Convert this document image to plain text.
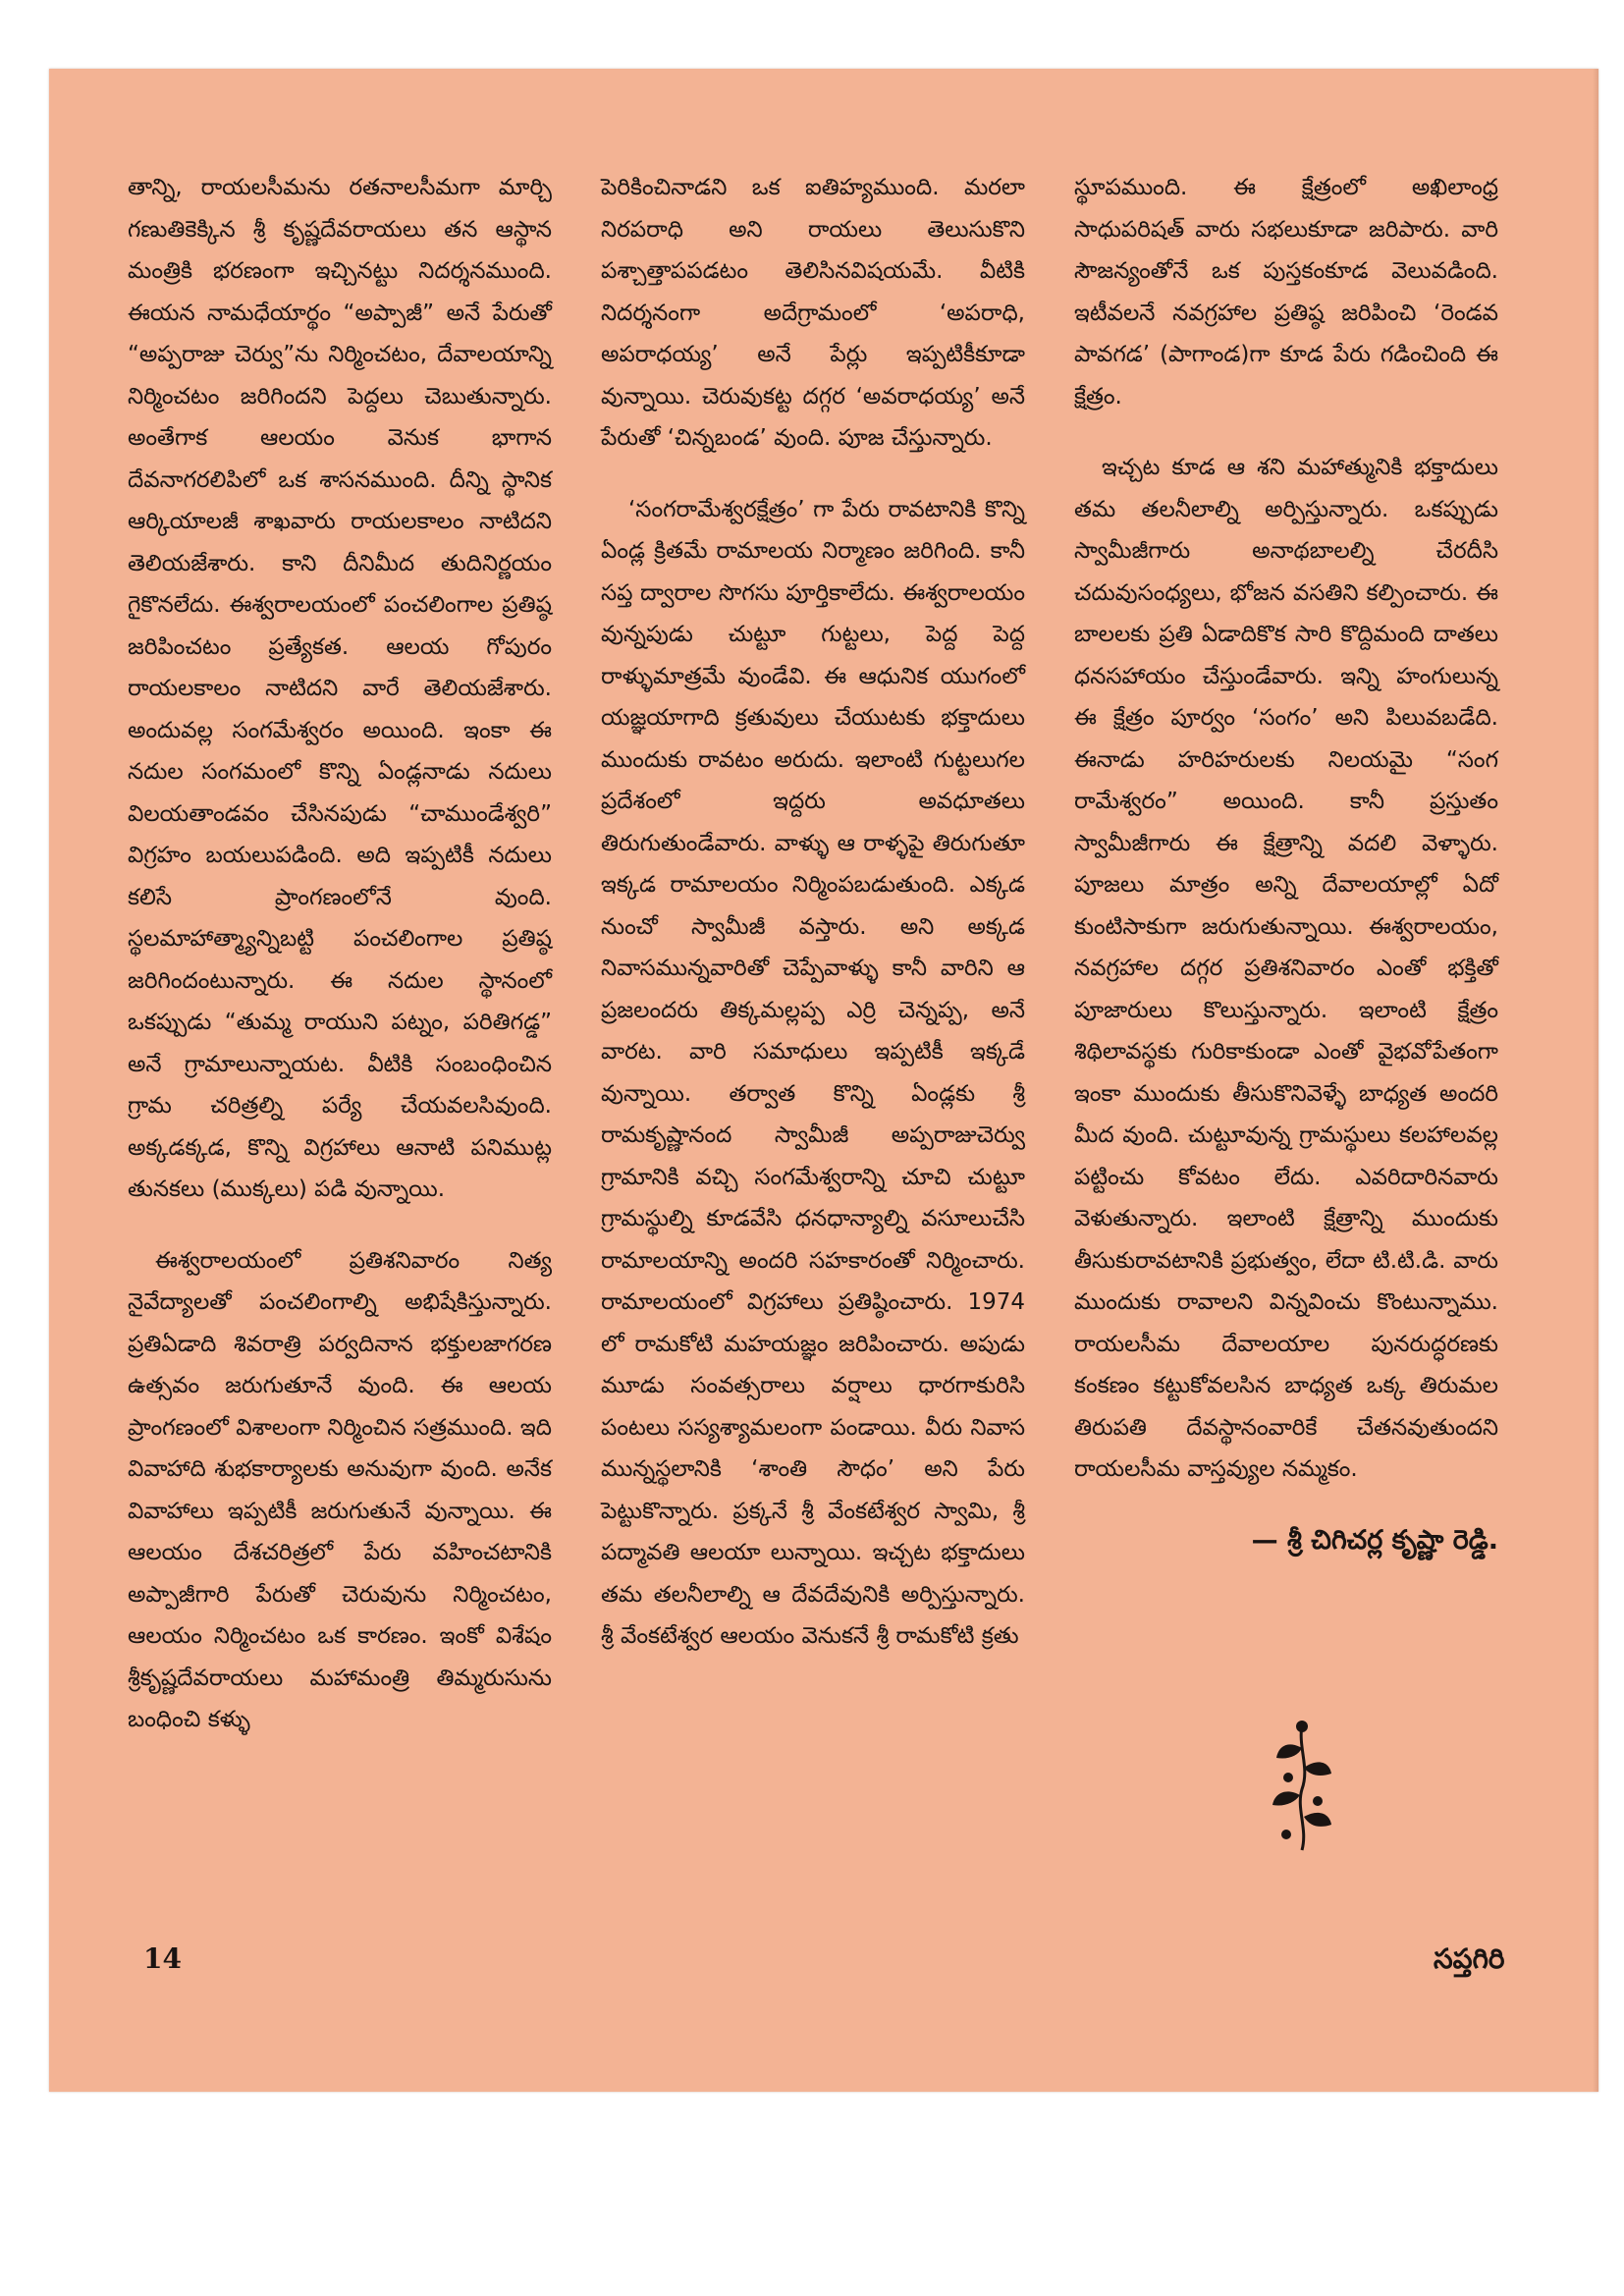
తాన్ని, రాయలసీమను రతనాలసీమగా మార్చి గణుతికెక్కిన శ్రీ కృష్ణదేవరాయలు తన ఆస్థాన మంత్రికి భరణంగా ఇచ్చినట్టు నిదర్శనముంది. ఈయన నామధేయార్థం “అప్పాజీ” అనే పేరుతో “అప్పరాజు చెర్వు”ను నిర్మించటం, దేవాలయాన్ని నిర్మించటం జరిగిందని పెద్దలు చెబుతున్నారు. అంతేగాక ఆలయం వెనుక భాగాన దేవనాగరలిపిలో ఒక శాసనముంది. దీన్ని స్థానిక ఆర్కియాలజీ శాఖవారు రాయలకాలం నాటిదని తెలియజేశారు. కాని దీనిమీద తుదినిర్ణయం గైకొనలేదు. ఈశ్వరాలయంలో పంచలింగాల ప్రతిష్ఠ జరిపించటం ప్రత్యేకత. ఆలయ గోపురం రాయలకాలం నాటిదని వారే తెలియజేశారు. అందువల్ల సంగమేశ్వరం అయింది. ఇంకా ఈ నదుల సంగమంలో కొన్ని ఏండ్లనాడు నదులు విలయతాండవం చేసినపుడు “చాముండేశ్వరి” విగ్రహం బయలుపడింది. అది ఇప్పటికీ నదులు కలిసే ప్రాంగణంలోనే వుంది. స్థలమాహాత్మ్యాన్నిబట్టి పంచలింగాల ప్రతిష్ఠ జరిగిందంటున్నారు. ఈ నదుల స్థానంలో ఒకప్పుడు “తుమ్మ రాయుని పట్నం, పరితిగడ్డ” అనే గ్రామాలున్నాయట. వీటికి సంబంధించిన గ్రామ చరిత్రల్ని పర్యే చేయవలసివుంది. అక్కడక్కడ, కొన్ని విగ్రహాలు ఆనాటి పనిముట్ల తునకలు (ముక్కలు) పడి వున్నాయి.

ఈశ్వరాలయంలో ప్రతిశనివారం నిత్య నైవేద్యాలతో పంచలింగాల్ని అభిషేకిస్తున్నారు. ప్రతిఏడాది శివరాత్రి పర్వదినాన భక్తులజాగరణ ఉత్సవం జరుగుతూనే వుంది. ఈ ఆలయ ప్రాంగణంలో విశాలంగా నిర్మించిన సత్రముంది. ఇది వివాహాది శుభకార్యాలకు అనువుగా వుంది. అనేక వివాహాలు ఇప్పటికీ జరుగుతునే వున్నాయి. ఈ ఆలయం దేశచరిత్రలో పేరు వహించటానికి అప్పాజీగారి పేరుతో చెరువును నిర్మించటం, ఆలయం నిర్మించటం ఒక కారణం. ఇంకో విశేషం శ్రీకృష్ణదేవరాయలు మహామంత్రి తిమ్మరుసును బంధించి కళ్ళు

పెరికించినాడని ఒక ఐతిహ్యముంది. మరలా నిరపరాధి అని రాయలు తెలుసుకొని పశ్చాత్తాపపడటం తెలిసినవిషయమే. వీటికి నిదర్శనంగా అదేగ్రామంలో ‘అపరాధి, అపరాధయ్య’ అనే పేర్లు ఇప్పటికీకూడా వున్నాయి. చెరువుకట్ట దగ్గర ‘అవరాధయ్య’ అనే పేరుతో ‘చిన్నబండ’ వుంది. పూజ చేస్తున్నారు.

‘సంగరామేశ్వరక్షేత్రం’ గా పేరు రావటానికి కొన్ని ఏండ్ల క్రితమే రామాలయ నిర్మాణం జరిగింది. కానీ సప్త ద్వారాల సొగసు పూర్తికాలేదు. ఈశ్వరాలయం వున్నపుడు చుట్టూ గుట్టలు, పెద్ద పెద్ద రాళ్ళుమాత్రమే వుండేవి. ఈ ఆధునిక యుగంలో యజ్ఞయాగాది క్రతువులు చేయుటకు భక్తాదులు ముందుకు రావటం అరుదు. ఇలాంటి గుట్టలుగల ప్రదేశంలో ఇద్దరు అవధూతలు తిరుగుతుండేవారు. వాళ్ళు ఆ రాళ్ళపై తిరుగుతూ ఇక్కడ రామాలయం నిర్మింపబడుతుంది. ఎక్కడ నుంచో స్వామీజీ వస్తారు. అని అక్కడ నివాసమున్నవారితో చెప్పేవాళ్ళు కానీ వారిని ఆ ప్రజలందరు తిక్కమల్లప్ప ఎర్రి చెన్నప్ప, అనే వారట. వారి సమాధులు ఇప్పటికీ ఇక్కడే వున్నాయి. తర్వాత కొన్ని ఏండ్లకు శ్రీ రామకృష్ణానంద స్వామీజీ అప్పరాజుచెర్వు గ్రామానికి వచ్చి సంగమేశ్వరాన్ని చూచి చుట్టూ గ్రామస్థుల్ని కూడవేసి ధనధాన్యాల్ని వసూలుచేసి రామాలయాన్ని అందరి సహకారంతో నిర్మించారు. రామాలయంలో విగ్రహాలు ప్రతిష్ఠించారు. 1974 లో రామకోటి మహయజ్ఞం జరిపించారు. అపుడు మూడు సంవత్సరాలు వర్షాలు ధారగాకురిసి పంటలు సస్యశ్యామలంగా పండాయి. వీరు నివాస మున్నస్థలానికి ‘శాంతి సౌధం’ అని పేరు పెట్టుకొన్నారు. ప్రక్కనే శ్రీ వేంకటేశ్వర స్వామి, శ్రీ పద్మావతి ఆలయా లున్నాయి. ఇచ్చట భక్తాదులు తమ తలనీలాల్ని ఆ దేవదేవునికి అర్పిస్తున్నారు. శ్రీ వేంకటేశ్వర ఆలయం వెనుకనే శ్రీ రామకోటి క్రతు

స్థూపముంది. ఈ క్షేత్రంలో అఖిలాంధ్ర సాధుపరిషత్ వారు సభలుకూడా జరిపారు. వారి సౌజన్యంతోనే ఒక పుస్తకంకూడ వెలువడింది. ఇటీవలనే నవగ్రహాల ప్రతిష్ఠ జరిపించి ‘రెండవ పావగడ’ (పాగాండ)గా కూడ పేరు గడించింది ఈ క్షేత్రం.

ఇచ్చట కూడ ఆ శని మహాత్మునికి భక్తాదులు తమ తలనీలాల్ని అర్పిస్తున్నారు. ఒకప్పుడు స్వామీజీగారు అనాథబాలల్ని చేరదీసి చదువుసంధ్యలు, భోజన వసతిని కల్పించారు. ఈ బాలలకు ప్రతి ఏడాదికొక సారి కొద్దిమంది దాతలు ధనసహాయం చేస్తుండేవారు. ఇన్ని హంగులున్న ఈ క్షేత్రం పూర్వం ‘సంగం’ అని పిలువబడేది. ఈనాడు హరిహరులకు నిలయమై “సంగ రామేశ్వరం” అయింది. కానీ ప్రస్తుతం స్వామీజీగారు ఈ క్షేత్రాన్ని వదలి వెళ్ళారు. పూజలు మాత్రం అన్ని దేవాలయాల్లో ఏదో కుంటిసాకుగా జరుగుతున్నాయి. ఈశ్వరాలయం, నవగ్రహాల దగ్గర ప్రతిశనివారం ఎంతో భక్తితో పూజారులు కొలుస్తున్నారు. ఇలాంటి క్షేత్రం శిథిలావస్థకు గురికాకుండా ఎంతో వైభవోపేతంగా ఇంకా ముందుకు తీసుకొనివెళ్ళే బాధ్యత అందరి మీద వుంది. చుట్టూవున్న గ్రామస్థులు కలహాలవల్ల పట్టించు కోవటం లేదు. ఎవరిదారినవారు వెళుతున్నారు. ఇలాంటి క్షేత్రాన్ని ముందుకు తీసుకురావటానికి ప్రభుత్వం, లేదా టి.టి.డి. వారు ముందుకు రావాలని విన్నవించు కొంటున్నాము. రాయలసీమ దేవాలయాల పునరుద్ధరణకు కంకణం కట్టుకోవలసిన బాధ్యత ఒక్క తిరుమల తిరుపతి దేవస్థానంవారికే చేతనవుతుందని రాయలసీమ వాస్తవ్యుల నమ్మకం.

— శ్రీ చిగిచర్ల కృష్ణా రెడ్డి.

14	సప్తగిరి
